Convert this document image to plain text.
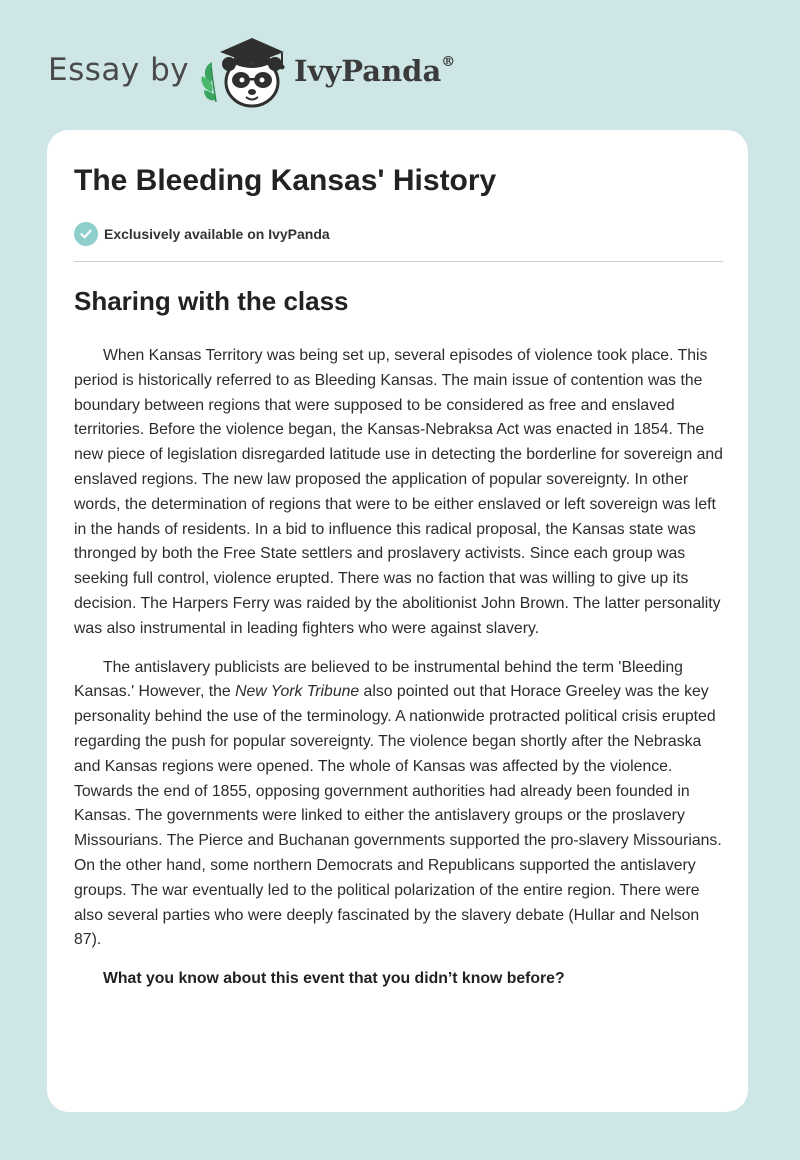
Essay by	IvyPanda®
The Bleeding Kansas' History
Exclusively available on IvyPanda
Sharing with the class

When Kansas Territory was being set up, several episodes of violence took place. This period is historically referred to as Bleeding Kansas. The main issue of contention was the boundary between regions that were supposed to be considered as free and enslaved territories. Before the violence began, the Kansas-Nebraksa Act was enacted in 1854. The new piece of legislation disregarded latitude use in detecting the borderline for sovereign and enslaved regions. The new law proposed the application of popular sovereignty. In other words, the determination of regions that were to be either enslaved or left sovereign was left in the hands of residents. In a bid to influence this radical proposal, the Kansas state was thronged by both the Free State settlers and proslavery activists. Since each group was seeking full control, violence erupted. There was no faction that was willing to give up its decision. The Harpers Ferry was raided by the abolitionist John Brown. The latter personality was also instrumental in leading fighters who were against slavery.

The antislavery publicists are believed to be instrumental behind the term 'Bleeding Kansas.' However, the New York Tribune also pointed out that Horace Greeley was the key personality behind the use of the terminology. A nationwide protracted political crisis erupted regarding the push for popular sovereignty. The violence began shortly after the Nebraska and Kansas regions were opened. The whole of Kansas was affected by the violence. Towards the end of 1855, opposing government authorities had already been founded in Kansas. The governments were linked to either the antislavery groups or the proslavery Missourians. The Pierce and Buchanan governments supported the pro-slavery Missourians. On the other hand, some northern Democrats and Republicans supported the antislavery groups. The war eventually led to the political polarization of the entire region. There were also several parties who were deeply fascinated by the slavery debate (Hullar and Nelson 87).

What you know about this event that you didn’t know before?
